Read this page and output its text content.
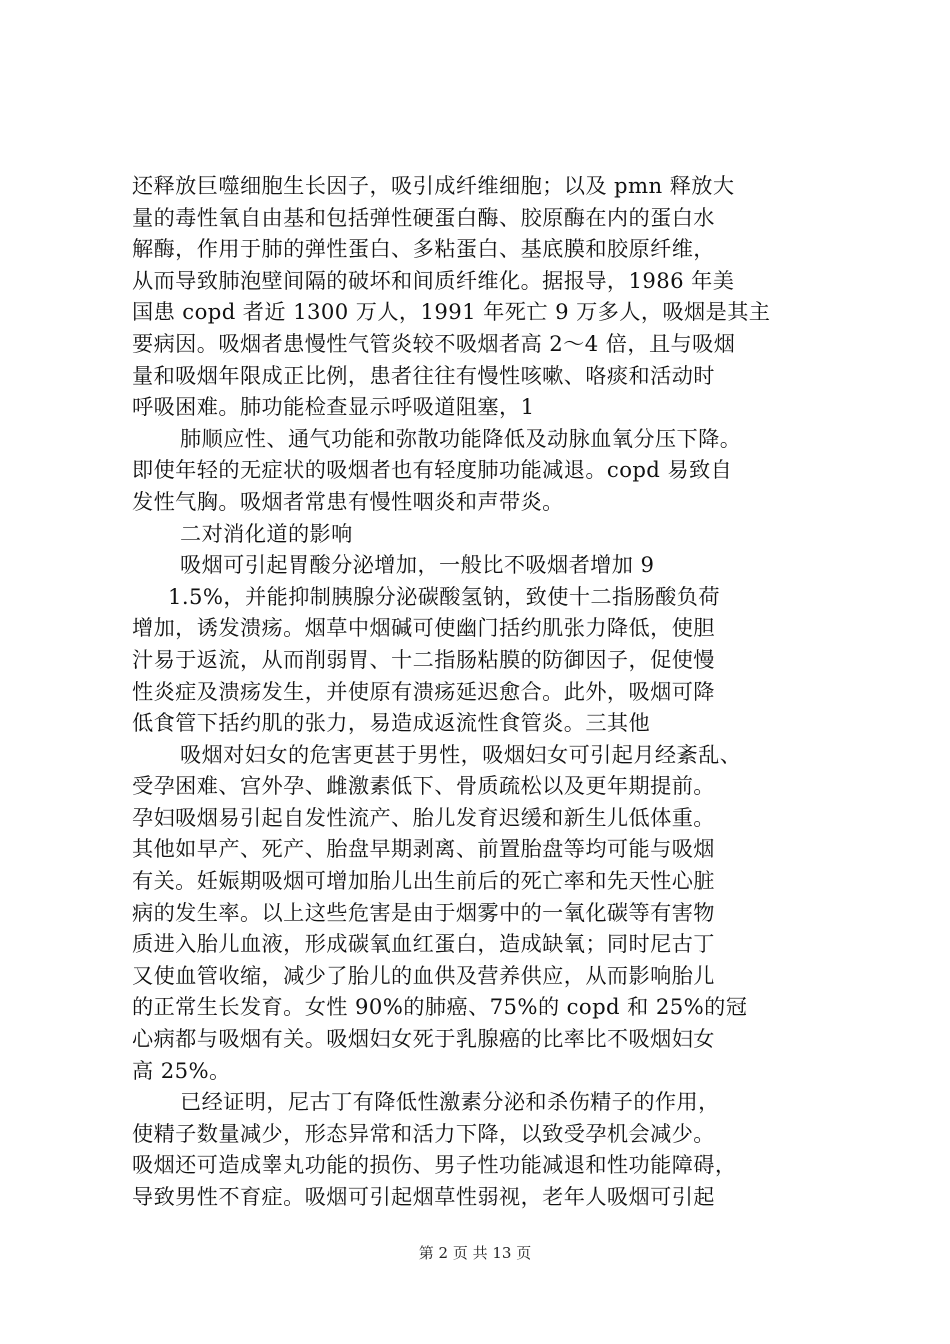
还释放巨噬细胞生长因子，吸引成纤维细胞；以及 pmn 释放大
量的毒性氧自由基和包括弹性硬蛋白酶、胶原酶在内的蛋白水
解酶，作用于肺的弹性蛋白、多粘蛋白、基底膜和胶原纤维，
从而导致肺泡壁间隔的破坏和间质纤维化。据报导，1986 年美
国患 copd 者近 1300 万人，1991 年死亡 9 万多人，吸烟是其主
要病因。吸烟者患慢性气管炎较不吸烟者高 2～4 倍，且与吸烟
量和吸烟年限成正比例，患者往往有慢性咳嗽、咯痰和活动时
呼吸困难。肺功能检查显示呼吸道阻塞，1
肺顺应性、通气功能和弥散功能降低及动脉血氧分压下降。
即使年轻的无症状的吸烟者也有轻度肺功能减退。copd 易致自
发性气胸。吸烟者常患有慢性咽炎和声带炎。
二对消化道的影响
吸烟可引起胃酸分泌增加，一般比不吸烟者增加 9
1.5%，并能抑制胰腺分泌碳酸氢钠，致使十二指肠酸负荷
增加，诱发溃疡。烟草中烟碱可使幽门括约肌张力降低，使胆
汁易于返流，从而削弱胃、十二指肠粘膜的防御因子，促使慢
性炎症及溃疡发生，并使原有溃疡延迟愈合。此外，吸烟可降
低食管下括约肌的张力，易造成返流性食管炎。三其他
吸烟对妇女的危害更甚于男性，吸烟妇女可引起月经紊乱、
受孕困难、宫外孕、雌激素低下、骨质疏松以及更年期提前。
孕妇吸烟易引起自发性流产、胎儿发育迟缓和新生儿低体重。
其他如早产、死产、胎盘早期剥离、前置胎盘等均可能与吸烟
有关。妊娠期吸烟可增加胎儿出生前后的死亡率和先天性心脏
病的发生率。以上这些危害是由于烟雾中的一氧化碳等有害物
质进入胎儿血液，形成碳氧血红蛋白，造成缺氧；同时尼古丁
又使血管收缩，减少了胎儿的血供及营养供应，从而影响胎儿
的正常生长发育。女性 90%的肺癌、75%的 copd 和 25%的冠
心病都与吸烟有关。吸烟妇女死于乳腺癌的比率比不吸烟妇女
高 25%。
已经证明，尼古丁有降低性激素分泌和杀伤精子的作用，
使精子数量减少，形态异常和活力下降，以致受孕机会减少。
吸烟还可造成睾丸功能的损伤、男子性功能减退和性功能障碍，
导致男性不育症。吸烟可引起烟草性弱视，老年人吸烟可引起
第 2 页 共 13 页
